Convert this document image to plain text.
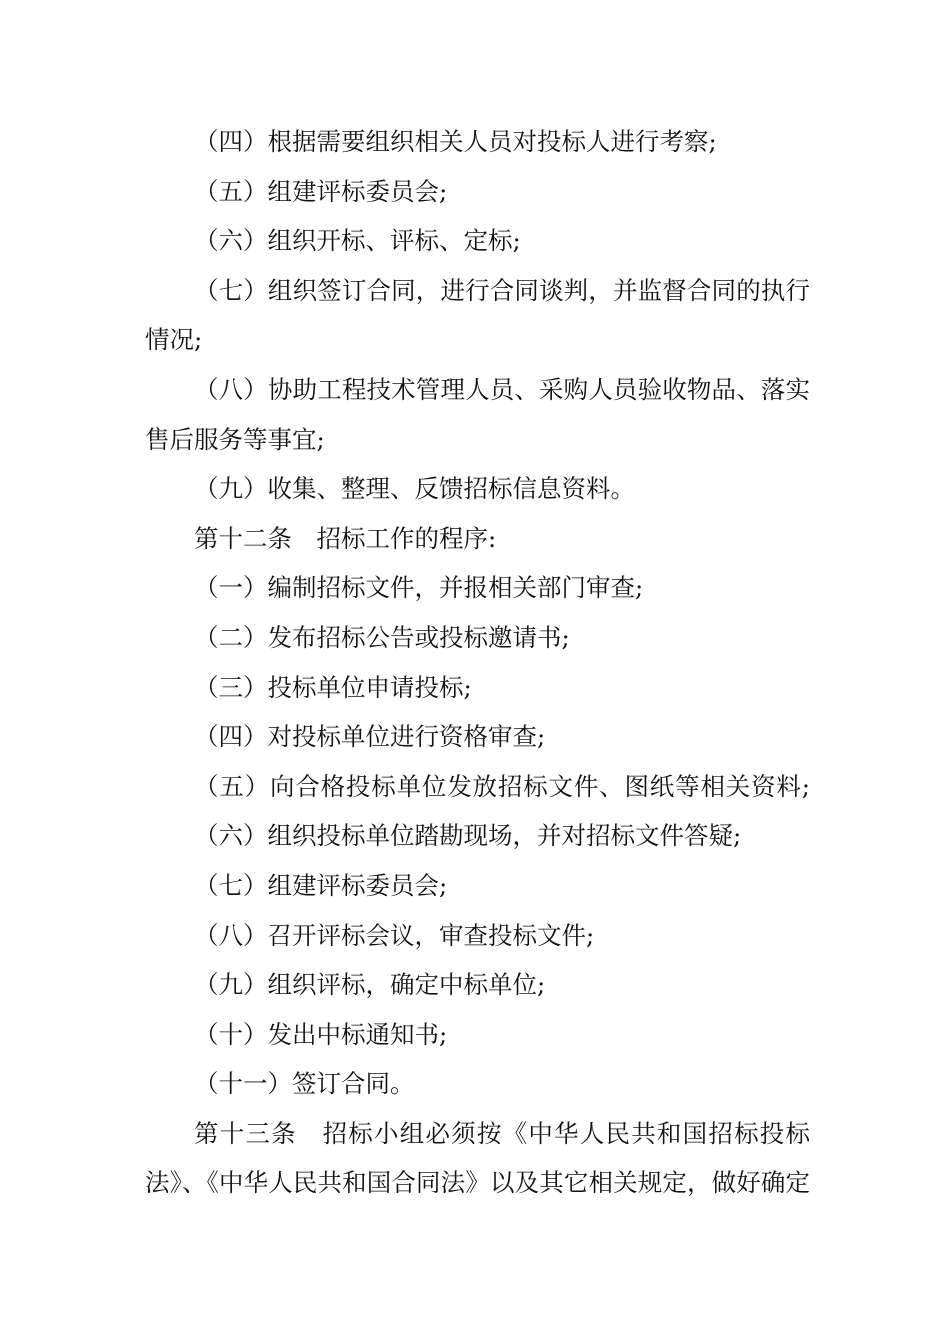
（四）根据需要组织相关人员对投标人进行考察;
（五）组建评标委员会;
（六）组织开标、评标、定标;
（七）组织签订合同，进行合同谈判，并监督合同的执行
情况;
（八）协助工程技术管理人员、采购人员验收物品、落实
售后服务等事宜;
（九）收集、整理、反馈招标信息资料。
第十二条　招标工作的程序:
（一）编制招标文件，并报相关部门审查;
（二）发布招标公告或投标邀请书;
（三）投标单位申请投标;
（四）对投标单位进行资格审查;
（五）向合格投标单位发放招标文件、图纸等相关资料;
（六）组织投标单位踏勘现场，并对招标文件答疑;
（七）组建评标委员会;
（八）召开评标会议，审查投标文件;
（九）组织评标，确定中标单位;
（十）发出中标通知书;
（十一）签订合同。
第十三条　招标小组必须按《中华人民共和国招标投标
法》、《中华人民共和国合同法》以及其它相关规定，做好确定
